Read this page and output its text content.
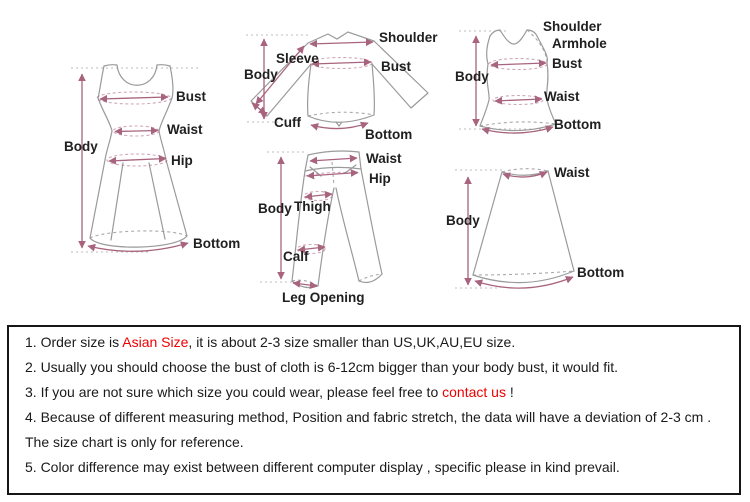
Body
Bust
Waist
Hip
Bottom
Shoulder
Sleeve
Body
Bust
Cuff
Bottom
Waist
Hip
Body Thigh
Calf
Leg Opening
Shoulder
Armhole
Bust
Body
Waist
Bottom
Waist
Body
Bottom

1. Order size is Asian Size, it is about 2-3 size smaller than US,UK,AU,EU size.

2. Usually you should choose the bust of cloth is 6-12cm bigger than your body bust, it would fit.

3. If you are not sure which size you could wear, please feel free to contact us !

4. Because of different measuring method, Position and fabric stretch, the data will have a deviation of 2-3 cm .

The size chart is only for reference.

5. Color difference may exist between different computer display , specific please in kind prevail.
